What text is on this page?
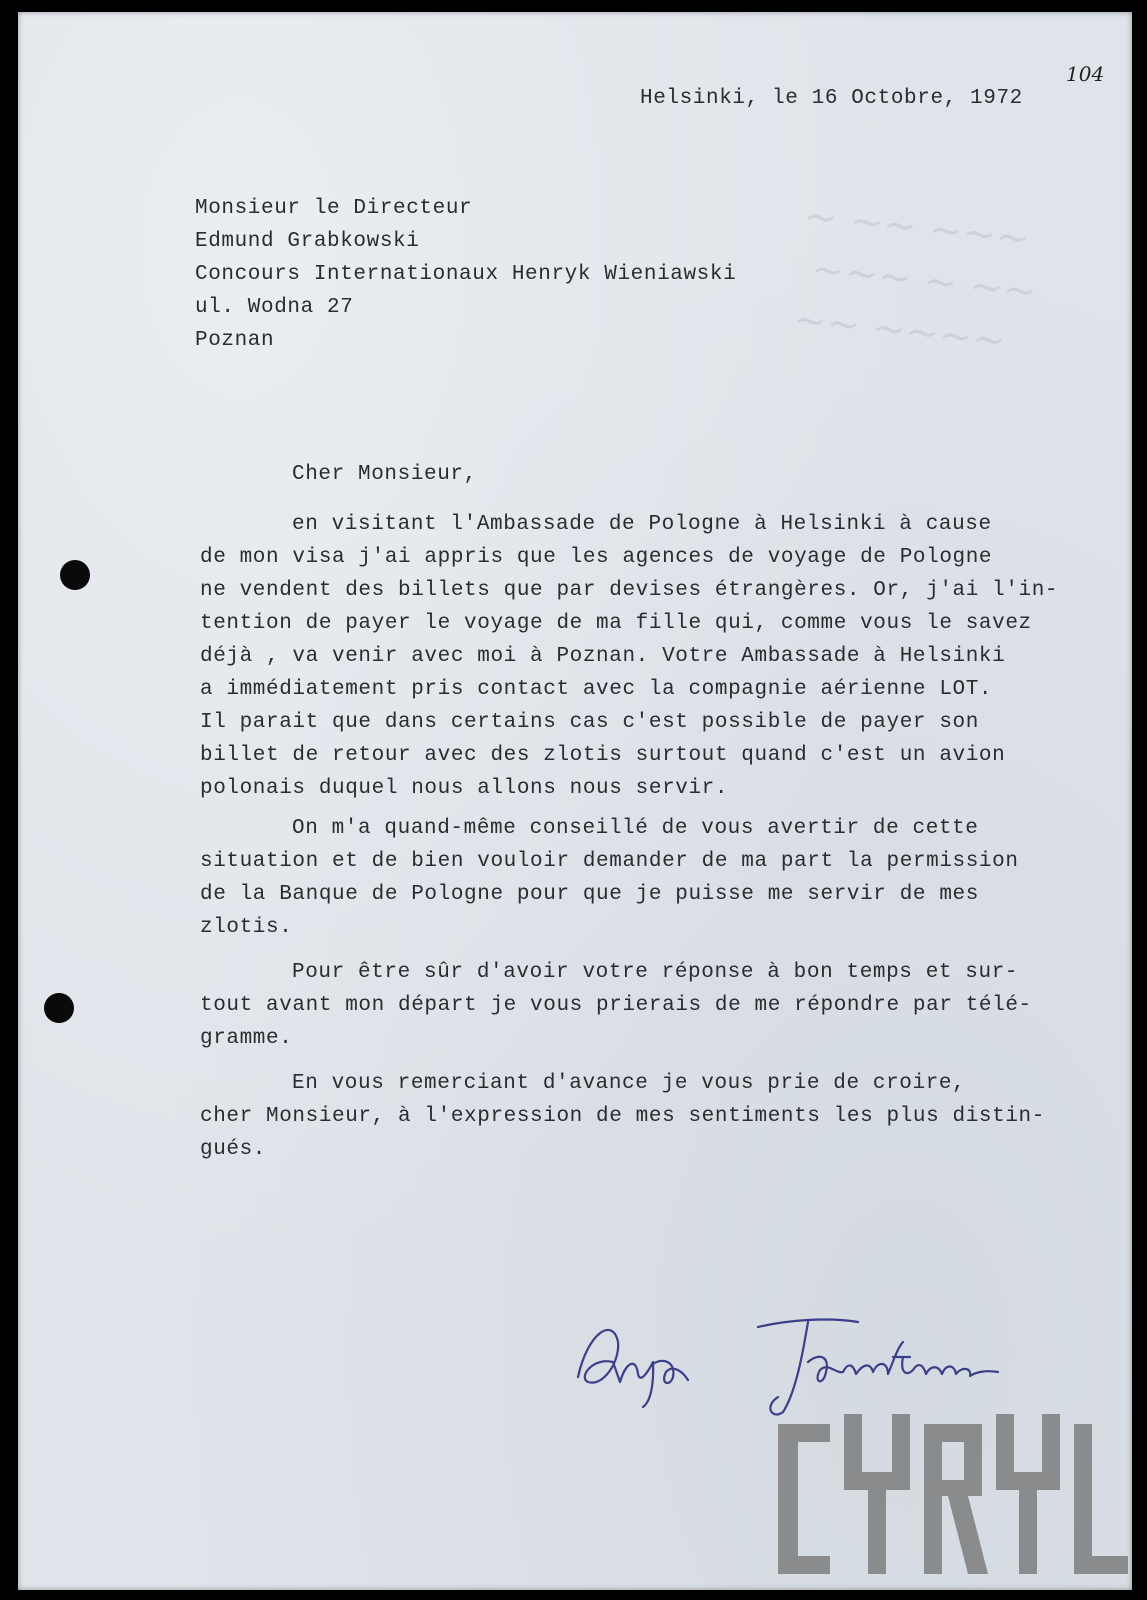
~ ~~ ~~~
~~~ ~ ~~
~~ ~~~~
104
Helsinki, le 16 Octobre, 1972
Monsieur le Directeur
Edmund Grabkowski
Concours Internationaux Henryk Wieniawski
ul. Wodna 27
Poznan
Cher Monsieur,
en visitant l'Ambassade de Pologne à Helsinki à cause
de mon visa j'ai appris que les agences de voyage de Pologne
ne vendent des billets que par devises étrangères. Or, j'ai l'in-
tention de payer le voyage de ma fille qui, comme vous le savez
déjà , va venir avec moi à Poznan. Votre Ambassade à Helsinki
a immédiatement pris contact avec la compagnie aérienne LOT.
Il parait que dans certains cas c'est possible de payer son
billet de retour avec des zlotis surtout quand c'est un avion
polonais duquel nous allons nous servir.
On m'a quand-même conseillé de vous avertir de cette
situation et de bien vouloir demander de ma part la permission
de la Banque de Pologne pour que je puisse me servir de mes
zlotis.
Pour être sûr d'avoir votre réponse à bon temps et sur-
tout avant mon départ je vous prierais de me répondre par télé-
gramme.
En vous remerciant d'avance je vous prie de croire,
cher Monsieur, à l'expression de mes sentiments les plus distin-
gués.
